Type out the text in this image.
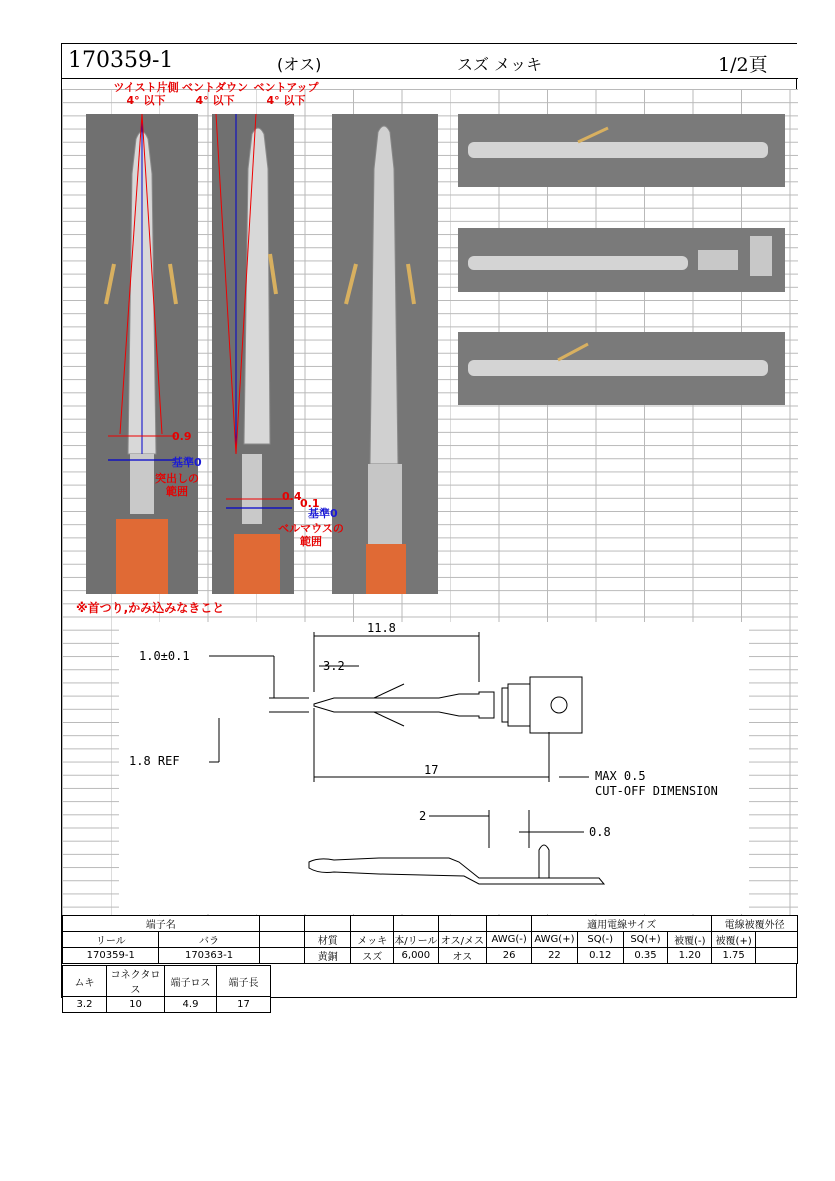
170359-1	(オス)	スズ メッキ	1/2頁
ツイスト片側
4° 以下
ベントダウン
4° 以下
ベントアップ
4° 以下
0.9
基準0
突出しの
範囲	0.4
0.1
基準0
ベルマウスの
範囲
※首つり,かみ込みなきこと
11.8
1.0±0.1
3.2
1.8 REF
17	MAX 0.5
CUT-OFF DIMENSION
2
0.8
端子名								適用電線サイズ				電線被覆外径	
リール	バラ		材質	メッキ	本/リール	オス/メス	AWG(-)	AWG(+)	SQ(-)	SQ(+)	被覆(-)	被覆(+)	
170359-1	170363-1		黄銅	スズ	6,000	オス	26	22	0.12	0.35	1.20	1.75	
ムキ	コネクタロス	端子ロス	端子長
3.2	10	4.9	17
